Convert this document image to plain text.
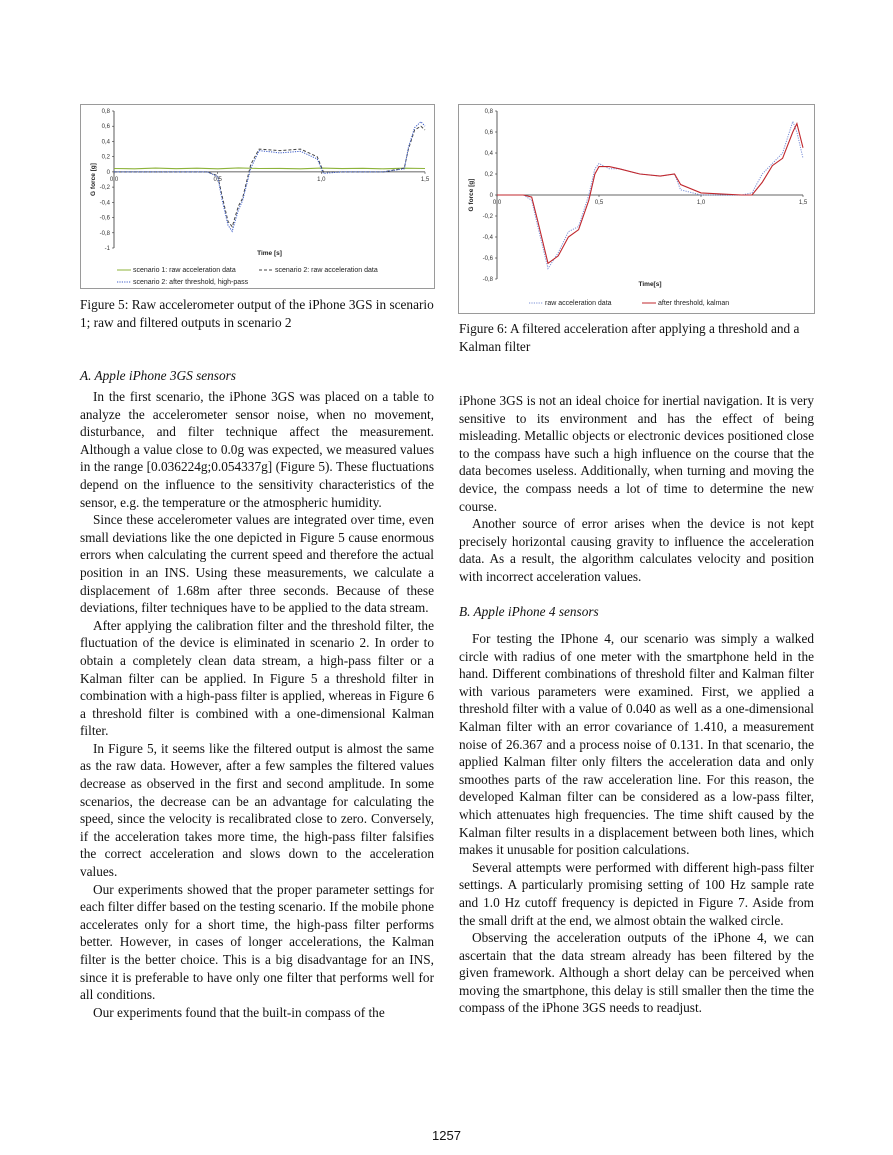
0,8
0,6
0,4
0,2
0
-0,2
-0,4
-0,6
-0,8
-1
0,0	0,5	1,0	1,5
Time [s]
G force [g]
scenario 1: raw acceleration data	scenario 2: raw acceleration data
scenario 2: after threshold, high-pass
Figure 5: Raw accelerometer output of the iPhone 3GS in scenario 1; raw and filtered outputs in scenario 2
0,8
0,6
0,4
0,2
0
-0,2
-0,4
-0,6
-0,8
0,0	0,5	1,0	1,5
Time[s]
G force [g]
raw acceleration data	after threshold, kalman
Figure 6: A filtered acceleration after applying a threshold and a Kalman filter
A. Apple iPhone 3GS sensors

In the first scenario, the iPhone 3GS was placed on a table to analyze the accelerometer sensor noise, when no movement, disturbance, and filter technique affect the measurement. Although a value close to 0.0g was expected, we measured values in the range [0.036224g;0.054337g] (Figure 5). These fluctuations depend on the influence to the sensitivity characteristics of the sensor, e.g. the temperature or the atmospheric humidity.

Since these accelerometer values are integrated over time, even small deviations like the one depicted in Figure 5 cause enormous errors when calculating the current speed and therefore the actual position in an INS. Using these measurements, we calculate a displacement of 1.68m after three seconds. Because of these deviations, filter techniques have to be applied to the data stream.

After applying the calibration filter and the threshold filter, the fluctuation of the device is eliminated in scenario 2. In order to obtain a completely clean data stream, a high-pass filter or a Kalman filter can be applied. In Figure 5 a threshold filter in combination with a high-pass filter is applied, whereas in Figure 6 a threshold filter is combined with a one-dimensional Kalman filter.

In Figure 5, it seems like the filtered output is almost the same as the raw data. However, after a few samples the filtered values decrease as observed in the first and second amplitude. In some scenarios, the decrease can be an advantage for calculating the speed, since the velocity is recalibrated close to zero. Conversely, if the acceleration takes more time, the high-pass filter falsifies the correct acceleration and slows down to the acceleration values.

Our experiments showed that the proper parameter settings for each filter differ based on the testing scenario. If the mobile phone accelerates only for a short time, the high-pass filter performs better. However, in cases of longer accelerations, the Kalman filter is the better choice. This is a big disadvantage for an INS, since it is preferable to have only one filter that performs well for all conditions.

Our experiments found that the built-in compass of the

iPhone 3GS is not an ideal choice for inertial navigation. It is very sensitive to its environment and has the effect of being misleading. Metallic objects or electronic devices positioned close to the compass have such a high influence on the course that the data becomes useless. Additionally, when turning and moving the device, the compass needs a lot of time to determine the new course.

Another source of error arises when the device is not kept precisely horizontal causing gravity to influence the acceleration data. As a result, the algorithm calculates velocity and position with incorrect acceleration values.

B. Apple iPhone 4 sensors

For testing the IPhone 4, our scenario was simply a walked circle with radius of one meter with the smartphone held in the hand. Different combinations of threshold filter and Kalman filter with various parameters were examined. First, we applied a threshold filter with a value of 0.040 as well as a one-dimensional Kalman filter with an error covariance of 1.410, a measurement noise of 26.367 and a process noise of 0.131. In that scenario, the applied Kalman filter only filters the acceleration data and only smoothes parts of the raw acceleration line. For this reason, the developed Kalman filter can be considered as a low-pass filter, which attenuates high frequencies. The time shift caused by the Kalman filter results in a displacement between both lines, which makes it unusable for position calculations.

Several attempts were performed with different high-pass filter settings. A particularly promising setting of 100 Hz sample rate and 1.0 Hz cutoff frequency is depicted in Figure 7. Aside from the small drift at the end, we almost obtain the walked circle.

Observing the acceleration outputs of the iPhone 4, we can ascertain that the data stream already has been filtered by the given framework. Although a short delay can be perceived when moving the smartphone, this delay is still smaller then the time the compass of the iPhone 3GS needs to readjust.

1257
